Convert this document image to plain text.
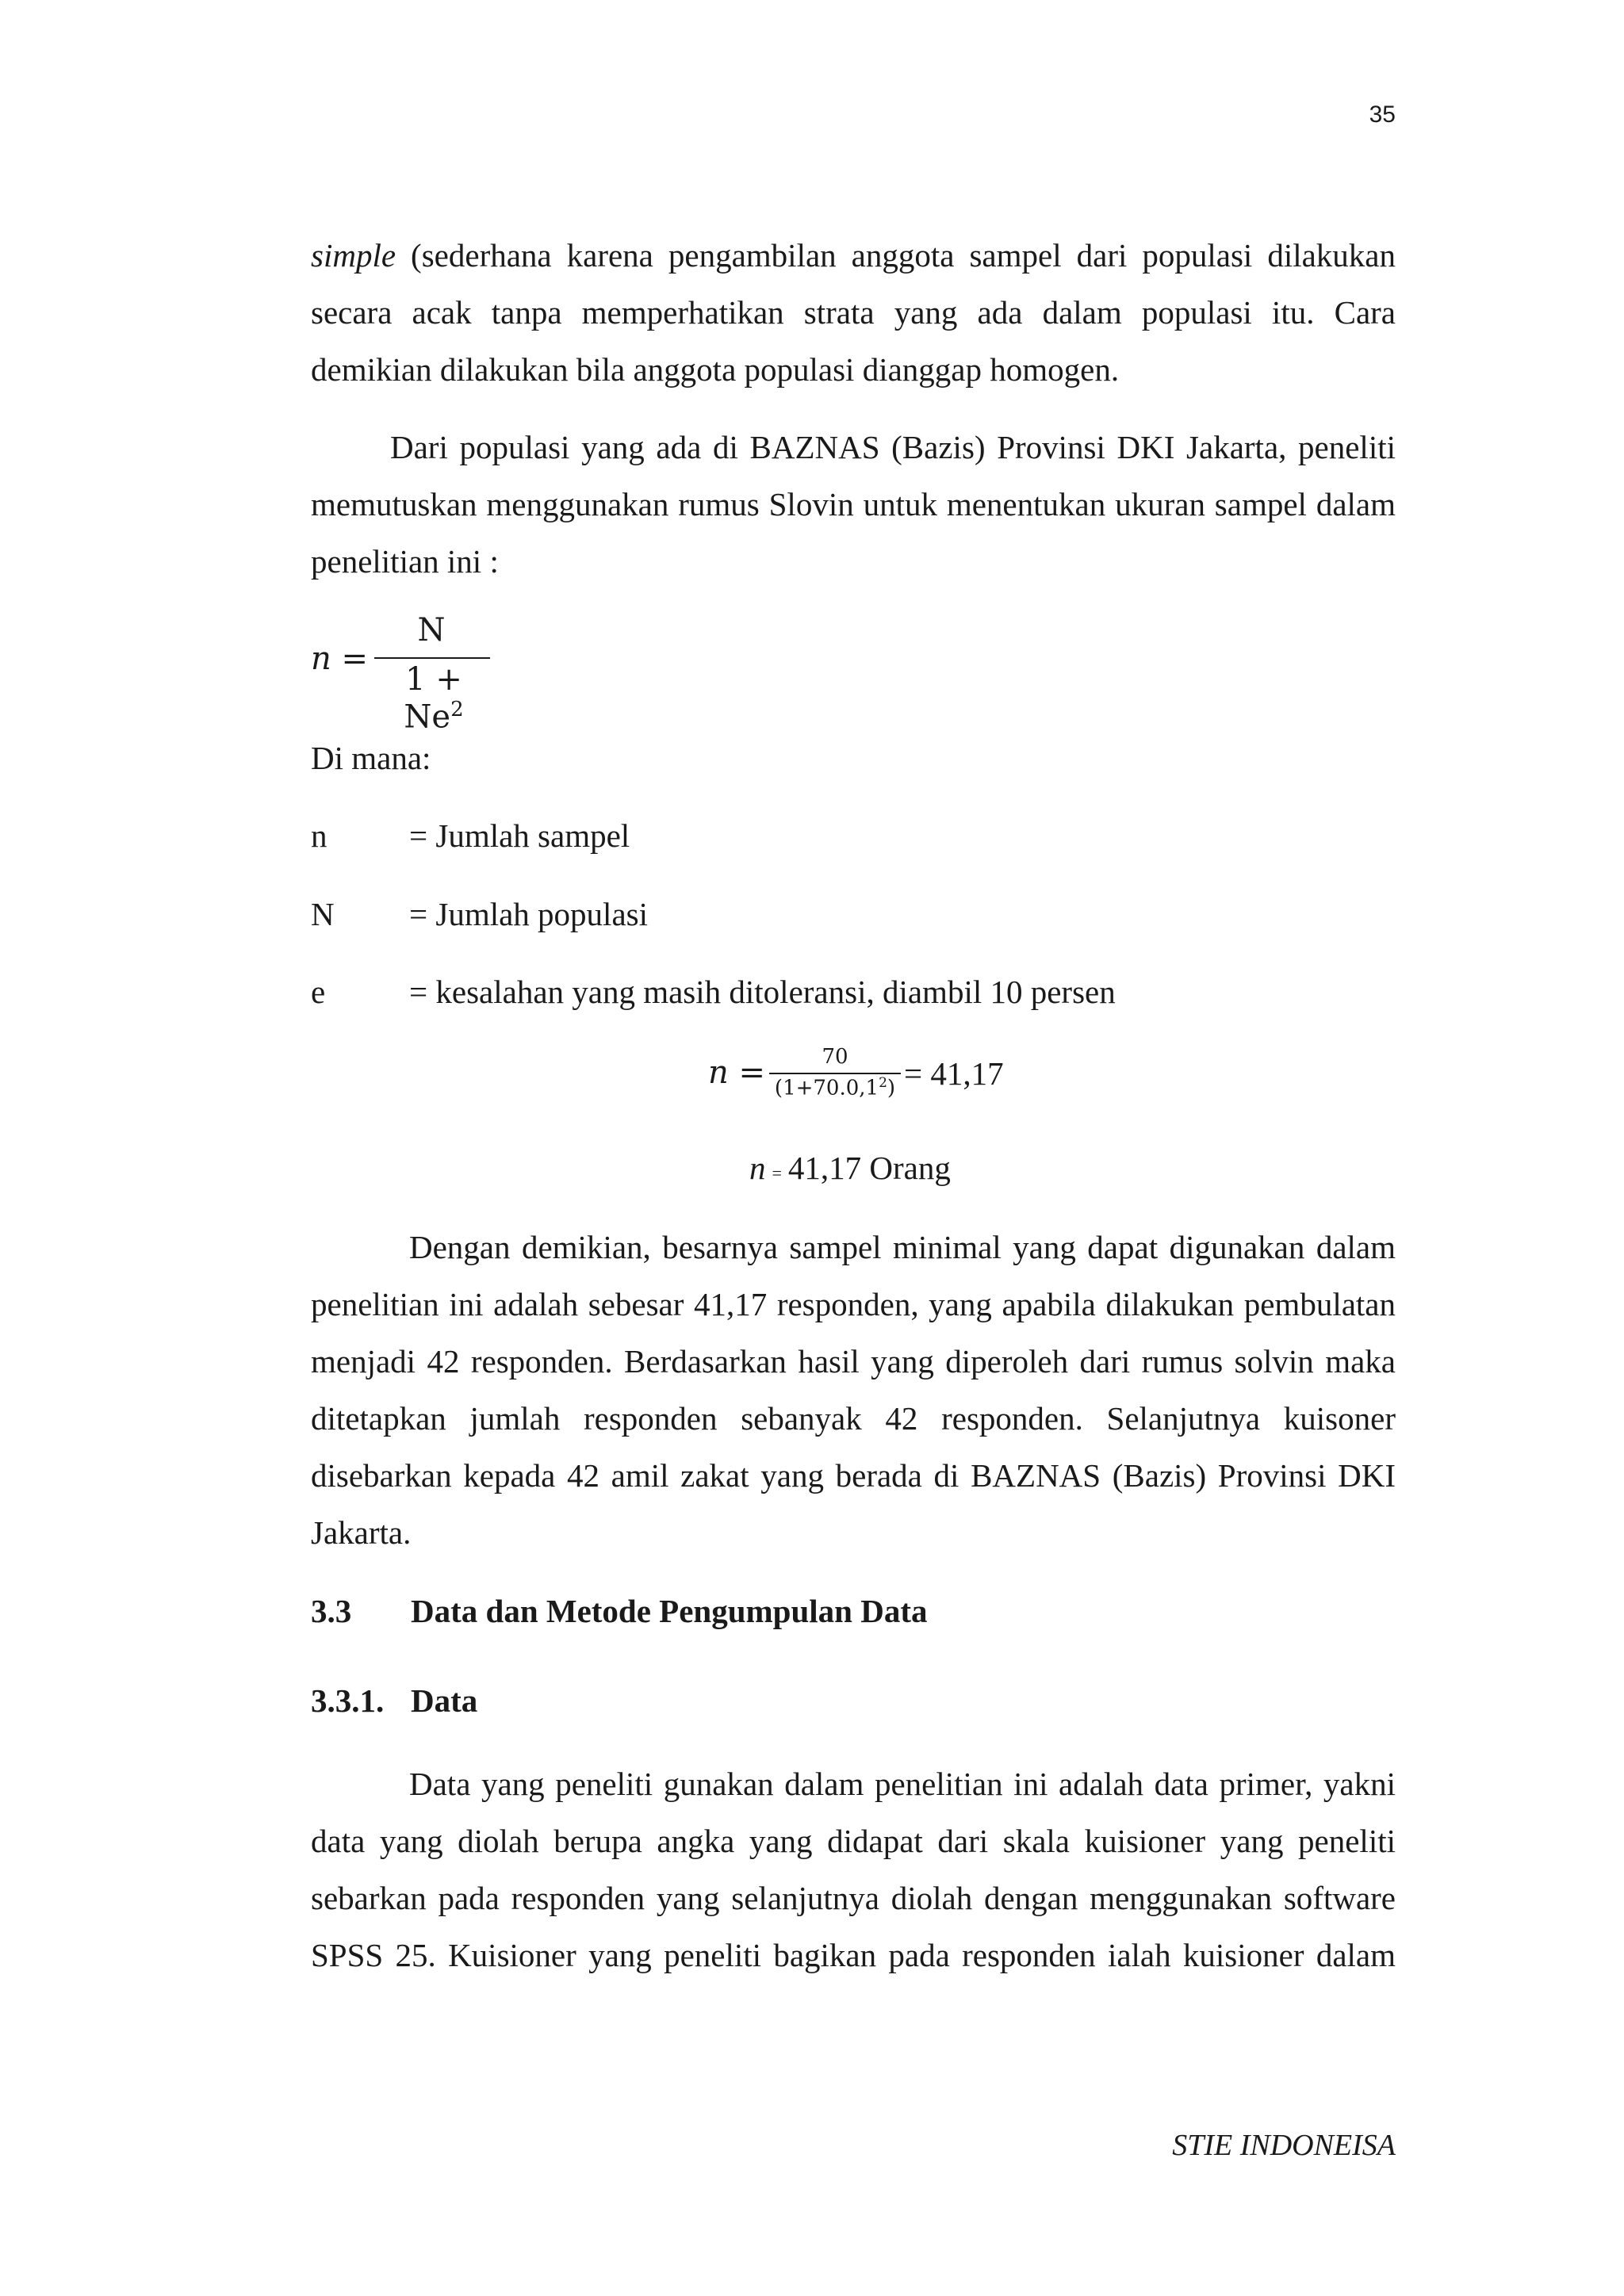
35
simple (sederhana karena pengambilan anggota sampel dari populasi dilakukan
secara acak tanpa memperhatikan strata yang ada dalam populasi itu. Cara
demikian dilakukan bila anggota populasi dianggap homogen.
Dari populasi yang ada di BAZNAS (Bazis) Provinsi DKI Jakarta, peneliti
memutuskan menggunakan rumus Slovin untuk menentukan ukuran sampel dalam
penelitian ini :
n =
N
$1 + Ne^2$
Di mana:
n	= Jumlah sampel
N = Jumlah populasi
e	= kesalahan yang masih ditoleransi, diambil 10 persen
n =	70
$(1+70.0,1^2) = 41,17$
n = 41,17 Orang
Dengan demikian, besarnya sampel minimal yang dapat digunakan dalam
penelitian ini adalah sebesar 41,17 responden, yang apabila dilakukan pembulatan
menjadi 42 responden. Berdasarkan hasil yang diperoleh dari rumus solvin maka
ditetapkan jumlah responden sebanyak 42 responden. Selanjutnya kuisoner
disebarkan kepada 42 amil zakat yang berada di BAZNAS (Bazis) Provinsi DKI
Jakarta.
3.3 Data dan Metode Pengumpulan Data
3.3.1. Data
Data yang peneliti gunakan dalam penelitian ini adalah data primer, yakni
data yang diolah berupa angka yang didapat dari skala kuisioner yang peneliti
sebarkan pada responden yang selanjutnya diolah dengan menggunakan software
SPSS 25. Kuisioner yang peneliti bagikan pada responden ialah kuisioner dalam
STIE INDONEISA
